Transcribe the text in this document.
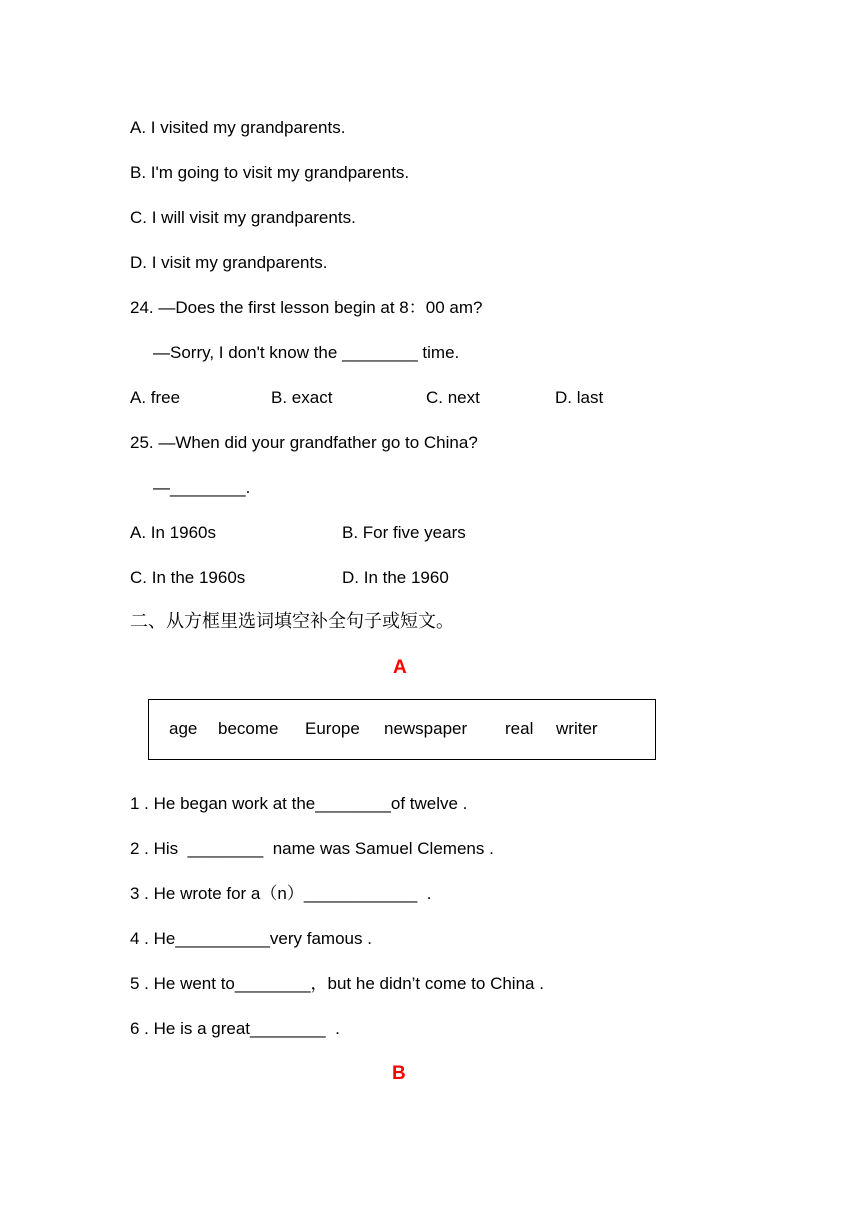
A. I visited my grandparents.
B. I'm going to visit my grandparents.
C. I will visit my grandparents.
D. I visit my grandparents.
24. —Does the first lesson begin at 8：00 am?
—Sorry, I don't know the ________ time.
A. free	B. exact	C. next	D. last
25. —When did your grandfather go to China?
—________.
A. In 1960s	B. For five years
C. In the 1960s	D. In the 1960
二、从方框里选词填空补全句子或短文。
A
age become Europe newspaper real writer
1 . He began work at the________of twelve .
2 . His  ________  name was Samuel Clemens .
3 . He wrote for a（n）____________  .
4 . He__________very famous .
5 . He went to________，but he didn’t come to China .
6 . He is a great________  .
B
